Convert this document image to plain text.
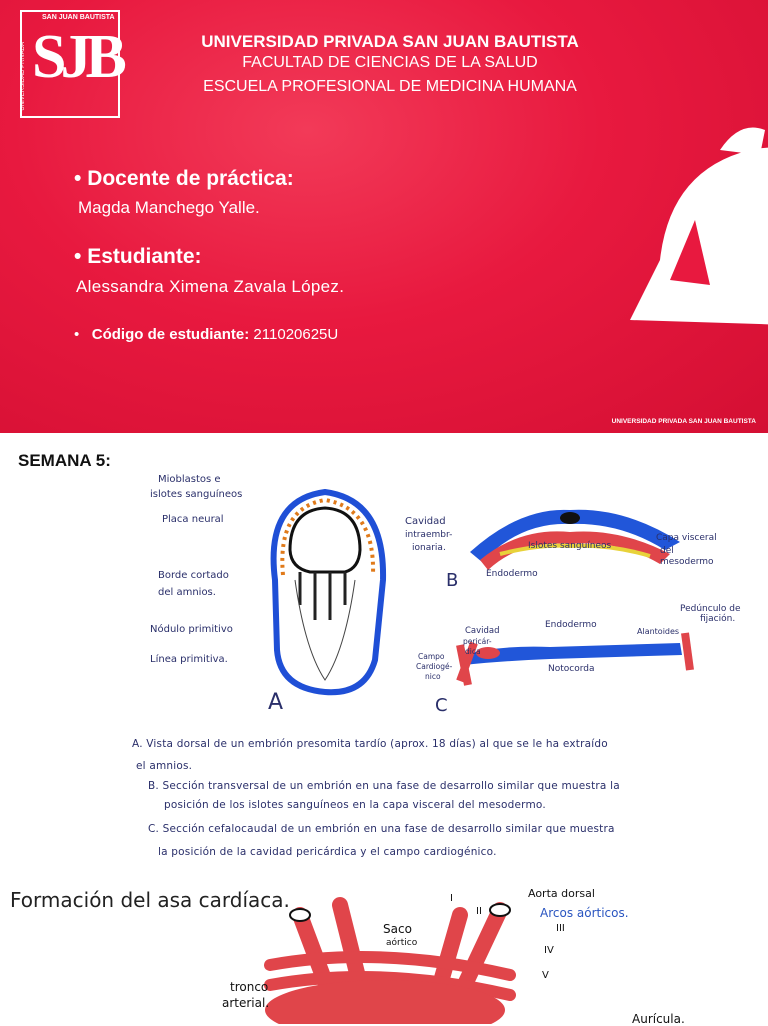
SJB
SAN JUAN BAUTISTA
UNIVERSIDAD PRIVADA
UNIVERSIDAD PRIVADA SAN JUAN BAUTISTA
FACULTAD DE CIENCIAS DE LA SALUD
ESCUELA PROFESIONAL DE MEDICINA HUMANA
• Docente de práctica:
Magda Manchego Yalle.
• Estudiante:
Alessandra Ximena Zavala López.
•   Código de estudiante: 211020625U
UNIVERSIDAD PRIVADA SAN JUAN BAUTISTA
SEMANA 5:
Mioblastos e
islotes sanguíneos
Placa neural
Borde cortado
del amnios.
Nódulo primitivo
Línea primitiva.
A
Cavidad
intraembr-
ionaria.	Islotes sanguíneos
Capa visceral
del
mesodermo
Endodermo
B
Cavidad
pericár-
dica
Endodermo
Pedúnculo de
fijación.
Alantoides
Campo
Cardiogé-
nico
Notocorda
C
A. Vista dorsal de un embrión presomita tardío (aprox. 18 días) al que se le ha extraído
el amnios.
B. Sección transversal de un embrión en una fase de desarrollo similar que muestra la
posición de los islotes sanguíneos en la capa visceral del mesodermo.
C. Sección cefalocaudal de un embrión en una fase de desarrollo similar que muestra
la posición de la cavidad pericárdica y el campo cardiogénico.
Formación del asa cardíaca.	Aorta dorsal
Arcos aórticos.
Saco
aórtico
tronco
arterial.
Aurícula.
I
II
III
IV
V
